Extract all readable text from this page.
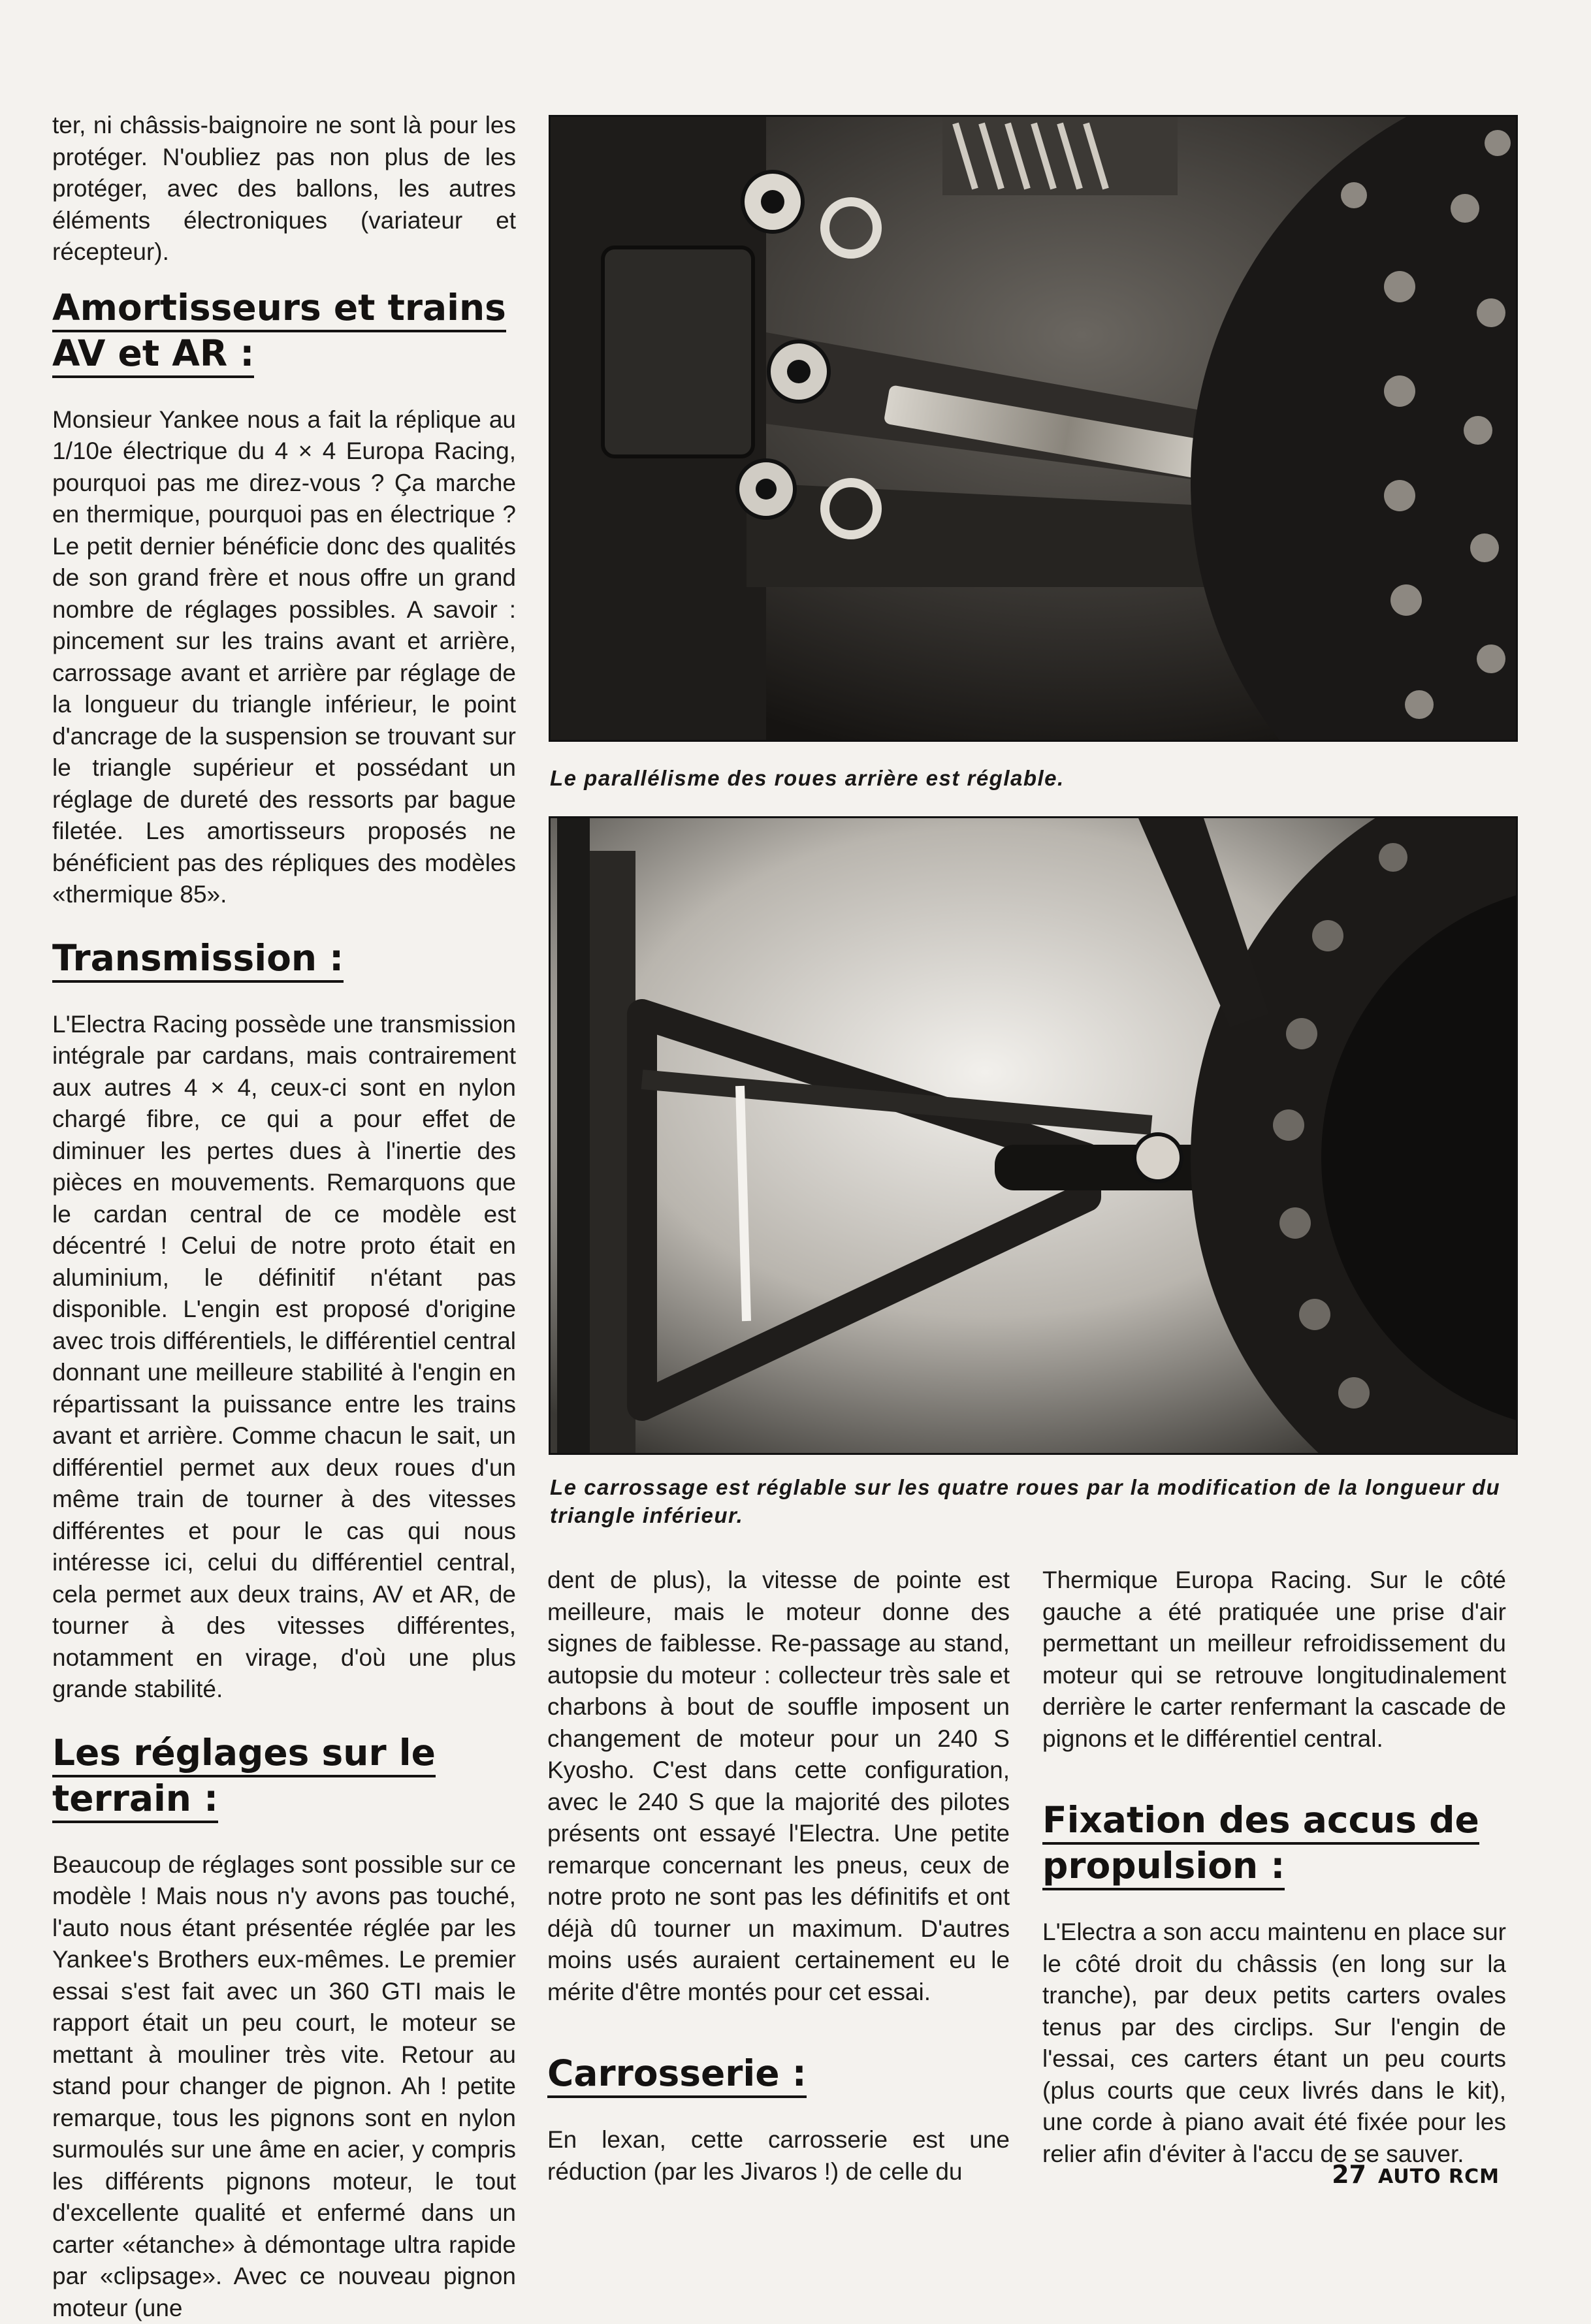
ter, ni châssis-baignoire ne sont là pour les protéger. N'oubliez pas non plus de les protéger, avec des ballons, les autres éléments électroniques (variateur et récepteur).

Amortisseurs et trains
AV et AR :

Monsieur Yankee nous a fait la réplique au 1/10e électrique du 4 × 4 Europa Racing, pourquoi pas me direz-vous ? Ça marche en thermique, pourquoi pas en électrique ? Le petit dernier bénéficie donc des qualités de son grand frère et nous offre un grand nombre de réglages possibles. A savoir : pincement sur les trains avant et arrière, carrossage avant et arrière par réglage de la longueur du triangle inférieur, le point d'ancrage de la suspension se trouvant sur le triangle supérieur et possédant un réglage de dureté des ressorts par bague filetée. Les amortisseurs proposés ne bénéficient pas des répliques des modèles «thermique 85».

Transmission :

L'Electra Racing possède une transmission intégrale par cardans, mais contrairement aux autres 4 × 4, ceux-ci sont en nylon chargé fibre, ce qui a pour effet de diminuer les pertes dues à l'inertie des pièces en mouvements. Remarquons que le cardan central de ce modèle est décentré ! Celui de notre proto était en aluminium, le définitif n'étant pas disponible. L'engin est proposé d'origine avec trois différentiels, le différentiel central donnant une meilleure stabilité à l'engin en répartissant la puissance entre les trains avant et arrière. Comme chacun le sait, un différentiel permet aux deux roues d'un même train de tourner à des vitesses différentes et pour le cas qui nous intéresse ici, celui du différentiel central, cela permet aux deux trains, AV et AR, de tourner à des vitesses différentes, notamment en virage, d'où une plus grande stabilité.

Les réglages sur le
terrain :

Beaucoup de réglages sont possible sur ce modèle ! Mais nous n'y avons pas touché, l'auto nous étant présentée réglée par les Yankee's Brothers eux-mêmes. Le premier essai s'est fait avec un 360 GTI mais le rapport était un peu court, le moteur se mettant à mouliner très vite. Retour au stand pour changer de pignon. Ah ! petite remarque, tous les pignons sont en nylon surmoulés sur une âme en acier, y compris les différents pignons moteur, le tout d'excellente qualité et enfermé dans un carter «étanche» à démontage ultra rapide par «clipsage». Avec ce nouveau pignon moteur (une

Le parallélisme des roues arrière est réglable.
Le carrossage est réglable sur les quatre roues par la modification de la longueur du triangle inférieur.

dent de plus), la vitesse de pointe est meilleure, mais le moteur donne des signes de faiblesse. Re-passage au stand, autopsie du moteur : collecteur très sale et charbons à bout de souffle imposent un changement de moteur pour un 240 S Kyosho. C'est dans cette configuration, avec le 240 S que la majorité des pilotes présents ont essayé l'Electra. Une petite remarque concernant les pneus, ceux de notre proto ne sont pas les définitifs et ont déjà dû tourner un maximum. D'autres moins usés auraient certainement eu le mérite d'être montés pour cet essai.

Carrosserie :

En lexan, cette carrosserie est une réduction (par les Jivaros !) de celle du

Thermique Europa Racing. Sur le côté gauche a été pratiquée une prise d'air permettant un meilleur refroidissement du moteur qui se retrouve longitudinalement derrière le carter renfermant la cascade de pignons et le différentiel central.

Fixation des accus de
propulsion :

L'Electra a son accu maintenu en place sur le côté droit du châssis (en long sur la tranche), par deux petits carters ovales tenus par des circlips. Sur l'engin de l'essai, ces carters étant un peu courts (plus courts que ceux livrés dans le kit), une corde à piano avait été fixée pour les relier afin d'éviter à l'accu de se sauver.

27 AUTO RCM
